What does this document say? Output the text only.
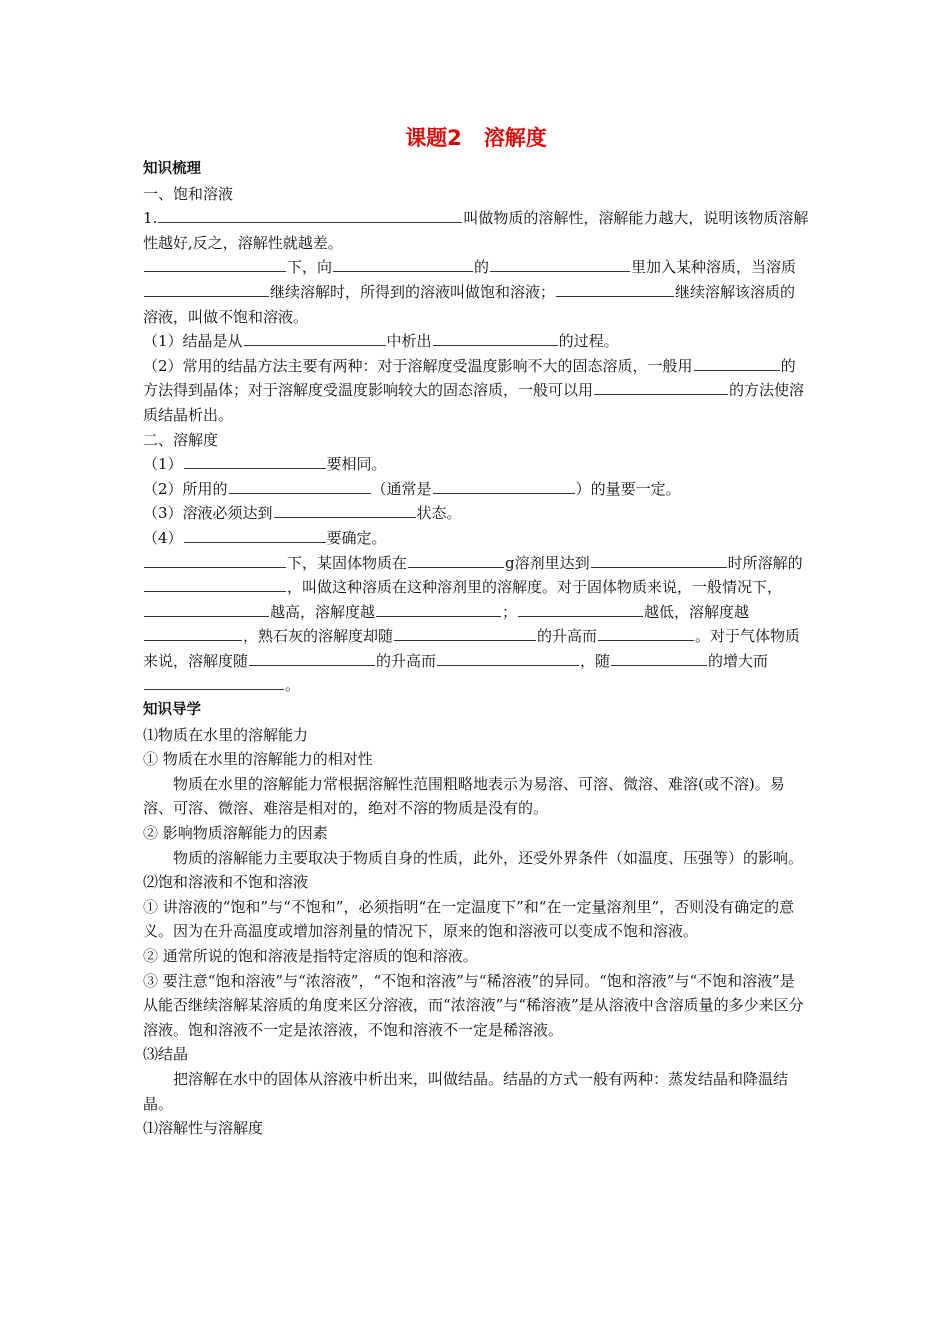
课题2 溶解度

知识梳理

一、饱和溶液

1.	叫做物质的溶解性，溶解能力越大，说明该物质溶解性越好,反之，溶解性就越差。

下，向	的	里加入某种溶质，当溶质继续溶解时，所得到的溶液叫做饱和溶液；	继续溶解该溶质的溶液，叫做不饱和溶液。

（1）结晶是从	中析出	的过程。

（2）常用的结晶方法主要有两种：对于溶解度受温度影响不大的固态溶质，一般用	的方法得到晶体；对于溶解度受温度影响较大的固态溶质，一般可以用	的方法使溶质结晶析出。

二、溶解度

（1）	要相同。

（2）所用的	（通常是	）的量要一定。

（3）溶液必须达到	状态。

（4）	要确定。

下，某固体物质在	g溶剂里达到	时所溶解的，叫做这种溶质在这种溶剂里的溶解度。对于固体物质来说，一般情况下，越高，溶解度越	；	越低，溶解度越，熟石灰的溶解度却随	的升高而	。对于气体物质来说，溶解度随	的升高而	，随	的增大而。

知识导学

⑴物质在水里的溶解能力

① 物质在水里的溶解能力的相对性

物质在水里的溶解能力常根据溶解性范围粗略地表示为易溶、可溶、微溶、难溶(或不溶)。易溶、可溶、微溶、难溶是相对的，绝对不溶的物质是没有的。

② 影响物质溶解能力的因素

物质的溶解能力主要取决于物质自身的性质，此外，还受外界条件（如温度、压强等）的影响。

⑵饱和溶液和不饱和溶液

① 讲溶液的“饱和”与“不饱和”，必须指明“在一定温度下”和“在一定量溶剂里”，否则没有确定的意义。因为在升高温度或增加溶剂量的情况下，原来的饱和溶液可以变成不饱和溶液。

② 通常所说的饱和溶液是指特定溶质的饱和溶液。

③ 要注意“饱和溶液”与“浓溶液”，“不饱和溶液”与“稀溶液”的异同。“饱和溶液”与“不饱和溶液”是从能否继续溶解某溶质的角度来区分溶液，而“浓溶液”与“稀溶液”是从溶液中含溶质量的多少来区分溶液。饱和溶液不一定是浓溶液，不饱和溶液不一定是稀溶液。

⑶结晶

把溶解在水中的固体从溶液中析出来，叫做结晶。结晶的方式一般有两种：蒸发结晶和降温结晶。

⑴溶解性与溶解度
